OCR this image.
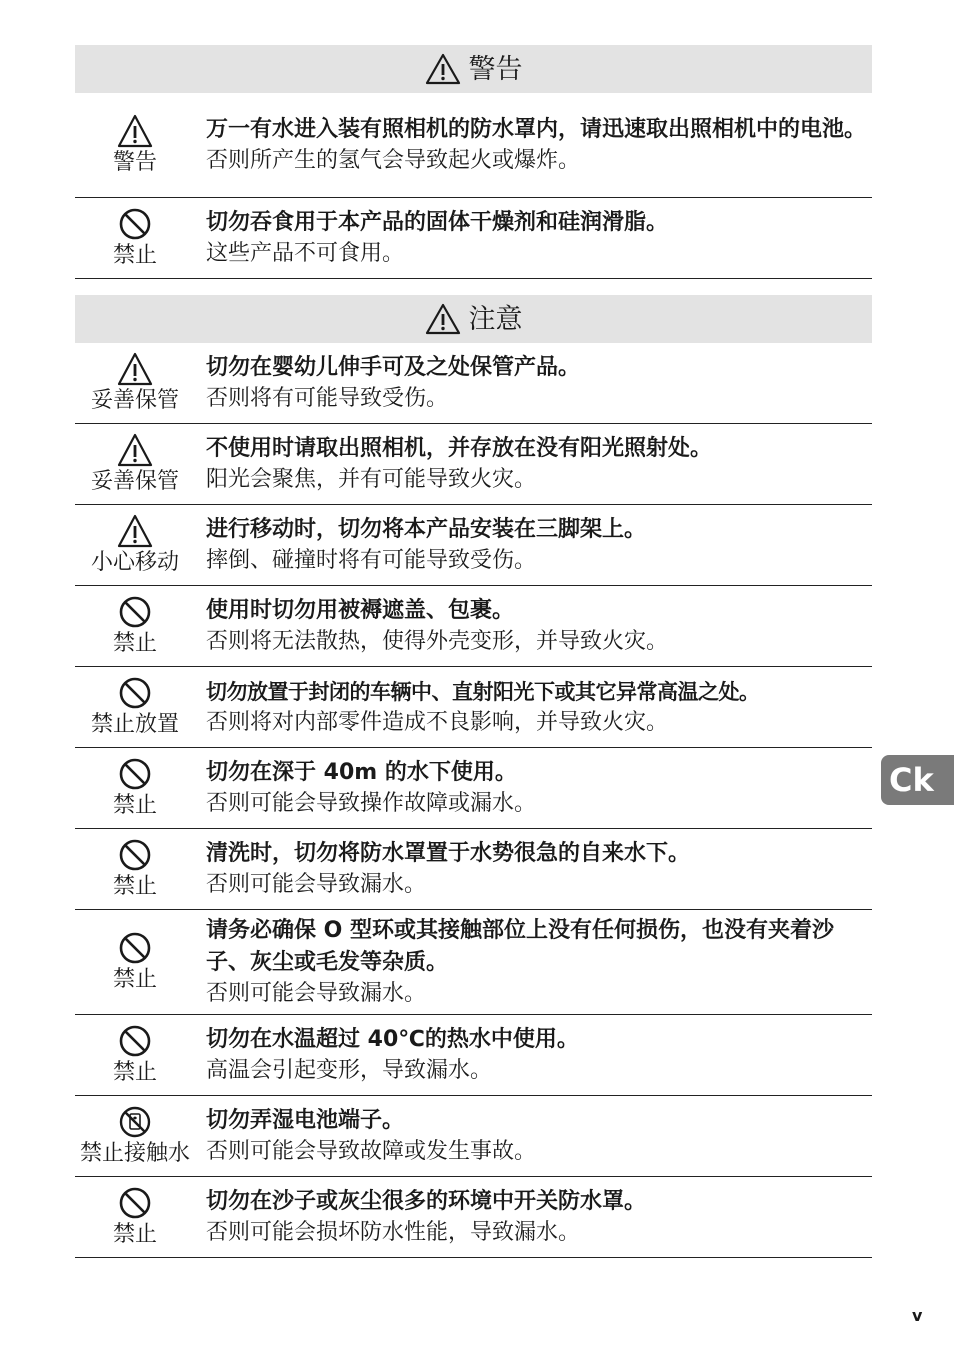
警告
警告
万一有水进入装有照相机的防水罩内，请迅速取出照相机中的电池。
否则所产生的氢气会导致起火或爆炸。
禁止
切勿吞食用于本产品的固体干燥剂和硅润滑脂。
这些产品不可食用。
注意
妥善保管
切勿在婴幼儿伸手可及之处保管产品。
否则将有可能导致受伤。
妥善保管
不使用时请取出照相机，并存放在没有阳光照射处。
阳光会聚焦，并有可能导致火灾。
小心移动
进行移动时，切勿将本产品安装在三脚架上。
摔倒、碰撞时将有可能导致受伤。
禁止
使用时切勿用被褥遮盖、包裹。
否则将无法散热，使得外壳变形，并导致火灾。
禁止放置
切勿放置于封闭的车辆中、直射阳光下或其它异常高温之处。
否则将对内部零件造成不良影响，并导致火灾。
禁止
切勿在深于 40m 的水下使用。
否则可能会导致操作故障或漏水。
禁止
清洗时，切勿将防水罩置于水势很急的自来水下。
否则可能会导致漏水。
禁止
请务必确保 O 型环或其接触部位上没有任何损伤，也没有夹着沙子、灰尘或毛发等杂质。
否则可能会导致漏水。
禁止
切勿在水温超过 40℃的热水中使用。
高温会引起变形，导致漏水。
禁止接触水
切勿弄湿电池端子。
否则可能会导致故障或发生事故。
禁止
切勿在沙子或灰尘很多的环境中开关防水罩。
否则可能会损坏防水性能，导致漏水。
Ck
v
